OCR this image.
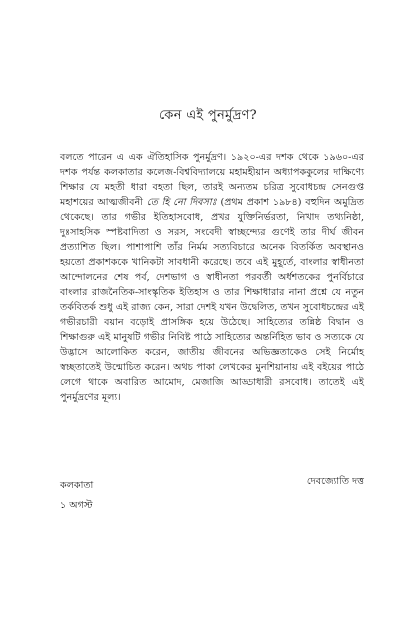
কেন এই পুনর্মুদ্রণ?

বলতে পারেন এ এক ঐতিহাসিক পুনর্মুদ্রণ। ১৯২০-এর দশক থেকে ১৯৬০-এর দশক পর্যন্ত কলকাতার কলেজ-বিশ্ববিদ্যালয়ে মহামহীয়ান অধ্যাপককুলের দাক্ষিণ্যে শিক্ষার যে মহতী ধারা বহতা ছিল, তারই অন্যতম চরিত্র সুবোধচন্দ্র সেনগুপ্ত মহাশয়ের আত্মজীবনী তে হি নো দিবসাঃ (প্রথম প্রকাশ ১৯৮৪) বহুদিন অমুদ্রিত থেকেছে। তার গভীর ইতিহাসবোধ, প্রখর যুক্তিনির্ভরতা, নিখাদ তথ্যনিষ্ঠা, দুঃসাহসিক স্পষ্টবাদিতা ও সরস, সংবেদী স্বাচ্ছন্দ্যের গুণেই তার দীর্ঘ জীবন প্রত্যাশিত ছিল। পাশাপাশি তাঁর নির্মম সত্যবিচারে অনেক বিতর্কিত অবস্থানও হয়তো প্রকাশককে খানিকটা সাবধানী করেছে। তবে এই মুহূর্তে, বাংলার স্বাধীনতা আন্দোলনের শেষ পর্ব, দেশভাগ ও স্বাধীনতা পরবর্তী অর্ধশতকের পুনর্বিচারে বাংলার রাজনৈতিক-সাংস্কৃতিক ইতিহাস ও তার শিক্ষাধারার নানা প্রশ্নে যে নতুন তর্কবিতর্ক শুধু এই রাজ্য কেন, সারা দেশই যখন উদ্বেলিত, তখন সুবোধচন্দ্রের এই গভীরচারী বয়ান বড়োই প্রাসঙ্গিক হয়ে উঠেছে। সাহিত্যের তন্নিষ্ঠ বিদ্বান ও শিক্ষাগুরু এই মানুষটি গভীর নিবিষ্ট পাঠে সাহিত্যের অন্তর্নিহিত ভাব ও সত্যকে যে উদ্ভাসে আলোকিত করেন, জাতীয় জীবনের অভিজ্ঞতাকেও সেই নির্মোহ স্বচ্ছতাতেই উন্মোচিত করেন। অথচ পাকা লেখকের মুনশিয়ানায় এই বইয়ের পাঠে লেগে থাকে অবারিত আমোদ, মেজাজি আড্ডাধারী রসবোধ। তাতেই এই পুনর্মুদ্রণের মূল্য।

কলকাতা
১ অগস্ট
দেবজ্যোতি দত্ত
